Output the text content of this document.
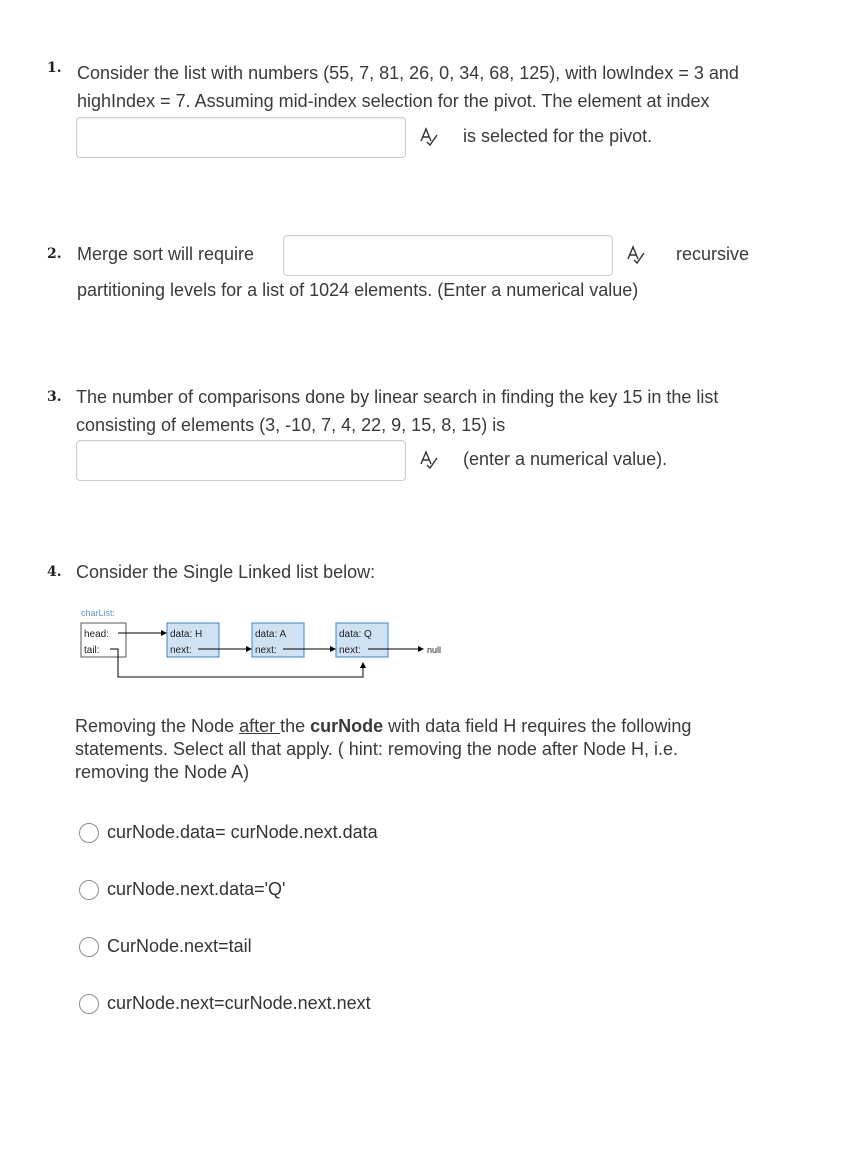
1. Consider the list with numbers (55, 7, 81, 26, 0, 34, 68, 125), with lowIndex = 3 and
highIndex = 7. Assuming mid-index selection for the pivot. The element at index
is selected for the pivot.
2. Merge sort will require	recursive
partitioning levels for a list of 1024 elements. (Enter a numerical value)
3. The number of comparisons done by linear search in finding the key 15 in the list
consisting of elements (3, -10, 7, 4, 22, 9, 15, 8, 15) is
(enter a numerical value).
4. Consider the Single Linked list below:
charList:
head:
tail:
data: H
next:
data: A
next:
data: Q
next:	null
Removing the Node after the curNode with data field H requires the following
statements. Select all that apply. ( hint: removing the node after Node H, i.e.
removing the Node A)
curNode.data= curNode.next.data
curNode.next.data='Q'
CurNode.next=tail
curNode.next=curNode.next.next
